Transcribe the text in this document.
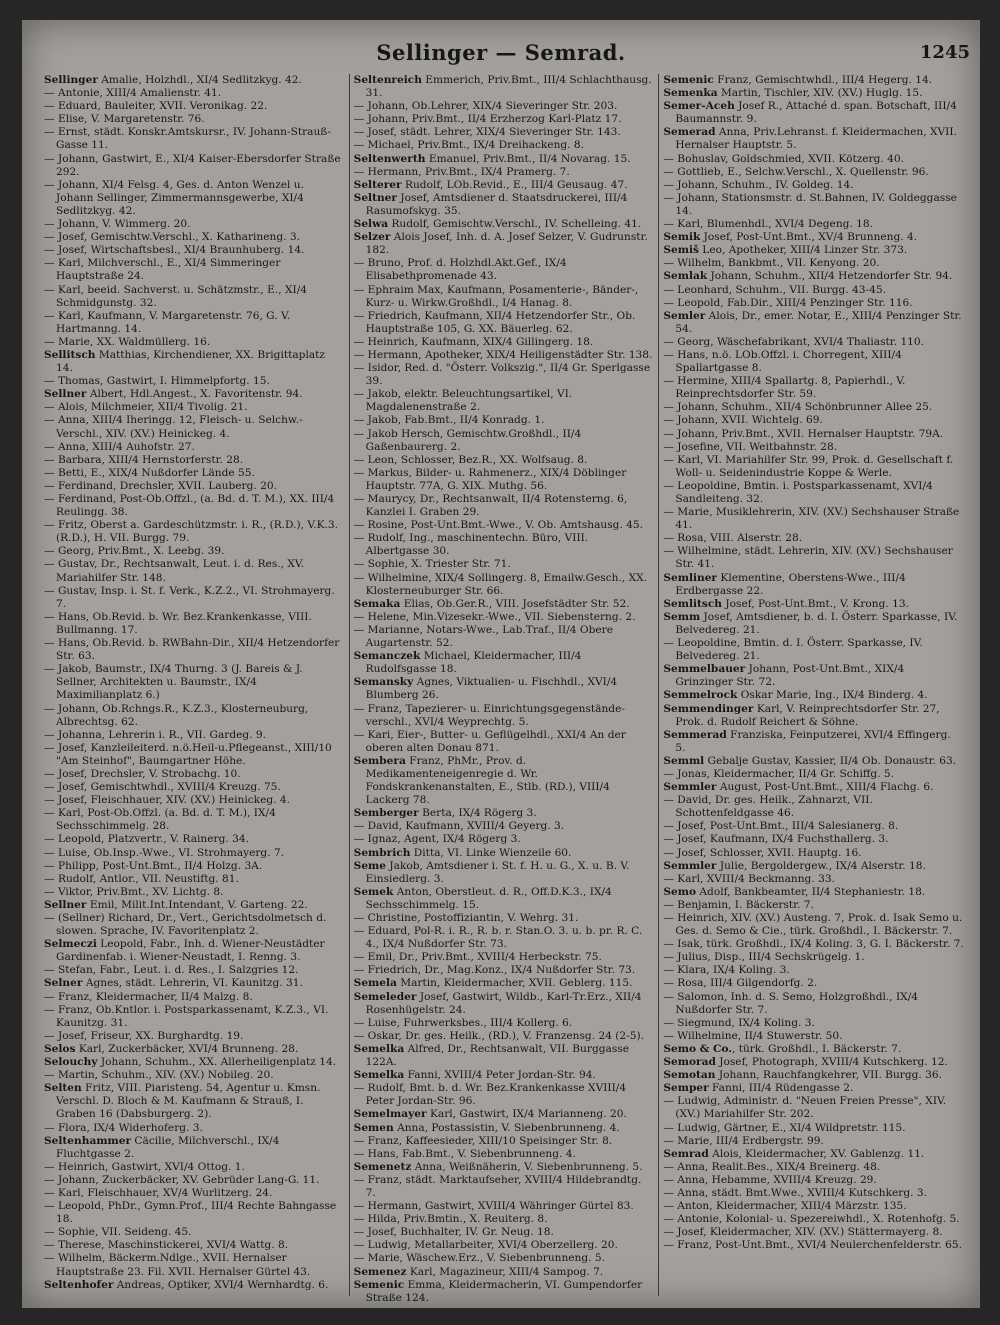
Sellinger — Semrad.	1245
Sellinger Amalie, Holzhdl., XI/4 Sedlitzkyg. 42.
— Antonie, XIII/4 Amalienstr. 41.
— Eduard, Bauleiter, XVII. Veronikag. 22.
— Elise, V. Margaretenstr. 76.
— Ernst, städt. Konskr.Amtskursr., IV. Johann-Strauß-Gasse 11.
— Johann, Gastwirt, E., XI/4 Kaiser-Ebersdorfer Straße 292.
— Johann, XI/4 Felsg. 4, Ges. d. Anton Wenzel u. Johann Sellinger, Zimmermannsgewerbe, XI/4 Sedlitzkyg. 42.
— Johann, V. Wimmerg. 20.
— Josef, Gemischtw.Verschl., X. Katharineng. 3.
— Josef, Wirtschaftsbesl., XI/4 Braunhuberg. 14.
— Karl, Milchverschl., E., XI/4 Simmeringer Hauptstraße 24.
— Karl, beeid. Sachverst. u. Schätzmstr., E., XI/4 Schmidgunstg. 32.
— Karl, Kaufmann, V. Margaretenstr. 76, G. V. Hartmanng. 14.
— Marie, XX. Waldmüllerg. 16.
Sellitsch Matthias, Kirchendiener, XX. Brigittaplatz 14.
— Thomas, Gastwirt, I. Himmelpfortg. 15.
Sellner Albert, Hdl.Angest., X. Favoritenstr. 94.
— Alois, Milchmeier, XII/4 Tivolig. 21.
— Anna, XIII/4 Iheringg. 12, Fleisch- u. Selchw.-Verschl., XIV. (XV.) Heinickeg. 4.
— Anna, XIII/4 Auhofstr. 27.
— Barbara, XIII/4 Hernstorferstr. 28.
— Betti, E., XIX/4 Nußdorfer Lände 55.
— Ferdinand, Drechsler, XVII. Lauberg. 20.
— Ferdinand, Post-Ob.Offzl., (a. Bd. d. T. M.), XX. III/4 Reulingg. 38.
— Fritz, Oberst a. Gardeschützmstr. i. R., (R.D.), V.K.3. (R.D.), H. VII. Burgg. 79.
— Georg, Priv.Bmt., X. Leebg. 39.
— Gustav, Dr., Rechtsanwalt, Leut. i. d. Res., XV. Mariahilfer Str. 148.
— Gustav, Insp. i. St. f. Verk., K.Z.2., VI. Strohmayerg. 7.
— Hans, Ob.Revid. b. Wr. Bez.Krankenkasse, VIII. Bullmanng. 17.
— Hans, Ob.Revid. b. RWBahn-Dir., XII/4 Hetzendorfer Str. 63.
— Jakob, Baumstr., IX/4 Thurng. 3 (J. Bareis & J. Sellner, Architekten u. Baumstr., IX/4 Maximilianplatz 6.)
— Johann, Ob.Rchngs.R., K.Z.3., Klosterneuburg, Albrechtsg. 62.
— Johanna, Lehrerin i. R., VII. Gardeg. 9.
— Josef, Kanzleileiterd. n.ö.Heil-u.Pflegeanst., XIII/10 "Am Steinhof", Baumgartner Höhe.
— Josef, Drechsler, V. Strobachg. 10.
— Josef, Gemischtwhdl., XVIII/4 Kreuzg. 75.
— Josef, Fleischhauer, XIV. (XV.) Heinickeg. 4.
— Karl, Post-Ob.Offzl. (a. Bd. d. T. M.), IX/4 Sechsschimmelg. 28.
— Leopold, Platzvertr., V. Rainerg. 34.
— Luise, Ob.Insp.-Wwe., VI. Strohmayerg. 7.
— Philipp, Post-Unt.Bmt., II/4 Holzg. 3A.
— Rudolf, Antlor., VII. Neustiftg. 81.
— Viktor, Priv.Bmt., XV. Lichtg. 8.
Sellner Emil, Milit.Int.Intendant, V. Garteng. 22.
— (Sellner) Richard, Dr., Vert., Gerichtsdolmetsch d. slowen. Sprache, IV. Favoritenplatz 2.
Selmeczi Leopold, Fabr., Inh. d. Wiener-Neustädter Gardinenfab. i. Wiener-Neustadt, I. Renng. 3.
— Stefan, Fabr., Leut. i. d. Res., I. Salzgries 12.
Selner Agnes, städt. Lehrerin, VI. Kaunitzg. 31.
— Franz, Kleidermacher, II/4 Malzg. 8.
— Franz, Ob.Kntlor. i. Postsparkassenamt, K.Z.3., VI. Kaunitzg. 31.
— Josef, Friseur, XX. Burghardtg. 19.
Selos Karl, Zuckerbäcker, XVI/4 Brunneng. 28.
Selouchy Johann, Schuhm., XX. Allerheiligenplatz 14.
— Martin, Schuhm., XIV. (XV.) Nobileg. 20.
Selten Fritz, VIII. Piaristeng. 54, Agentur u. Kmsn. Verschl. D. Bloch & M. Kaufmann & Strauß, I. Graben 16 (Dabsburgerg. 2).
— Flora, IX/4 Widerhoferg. 3.
Seltenhammer Cäcilie, Milchverschl., IX/4 Fluchtgasse 2.
— Heinrich, Gastwirt, XVI/4 Ottog. 1.
— Johann, Zuckerbäcker, XV. Gebrüder Lang-G. 11.
— Karl, Fleischhauer, XV/4 Wurlitzerg. 24.
— Leopold, PhDr., Gymn.Prof., III/4 Rechte Bahngasse 18.
— Sophie, VII. Seideng. 45.
— Therese, Maschinstickerei, XVI/4 Wattg. 8.
— Wilhelm, Bäckerm.Ndlge., XVII. Hernalser Hauptstraße 23. Fil. XVII. Hernalser Gürtel 43.
Seltenhofer Andreas, Optiker, XVI/4 Wernhardtg. 6.
Seltenreich Emmerich, Priv.Bmt., III/4 Schlachthausg. 31.
— Johann, Ob.Lehrer, XIX/4 Sieveringer Str. 203.
— Johann, Priv.Bmt., II/4 Erzherzog Karl-Platz 17.
— Josef, städt. Lehrer, XIX/4 Sieveringer Str. 143.
— Michael, Priv.Bmt., IX/4 Dreihackeng. 8.
Seltenwerth Emanuel, Priv.Bmt., II/4 Novarag. 15.
— Hermann, Priv.Bmt., IX/4 Pramerg. 7.
Selterer Rudolf, LOb.Revid., E., III/4 Geusaug. 47.
Seltner Josef, Amtsdiener d. Staatsdruckerei, III/4 Rasumofskyg. 35.
Selwa Rudolf, Gemischtw.Verschl., IV. Schelleing. 41.
Selzer Alois Josef, Inh. d. A. Josef Selzer, V. Gudrunstr. 182.
— Bruno, Prof. d. Holzhdl.Akt.Gef., IX/4 Elisabethpromenade 43.
— Ephraim Max, Kaufmann, Posamenterie-, Bänder-, Kurz- u. Wirkw.Großhdl., I/4 Hanag. 8.
— Friedrich, Kaufmann, XII/4 Hetzendorfer Str., Ob. Hauptstraße 105, G. XX. Bäuerleg. 62.
— Heinrich, Kaufmann, XIX/4 Gillingerg. 18.
— Hermann, Apotheker, XIX/4 Heiligenstädter Str. 138.
— Isidor, Red. d. "Österr. Volkszig.", II/4 Gr. Sperlgasse 39.
— Jakob, elektr. Beleuchtungsartikel, VI. Magdalenenstraße 2.
— Jakob, Fab.Bmt., II/4 Konradg. 1.
— Jakob Hersch, Gemischtw.Großhdl., II/4 Gaßenbaurerg. 2.
— Leon, Schlosser, Bez.R., XX. Wolfsaug. 8.
— Markus, Bilder- u. Rahmenerz., XIX/4 Döblinger Hauptstr. 77A, G. XIX. Muthg. 56.
— Maurycy, Dr., Rechtsanwalt, II/4 Rotensterng. 6, Kanzlei I. Graben 29.
— Rosine, Post-Unt.Bmt.-Wwe., V. Ob. Amtshausg. 45.
— Rudolf, Ing., maschinentechn. Büro, VIII. Albertgasse 30.
— Sophie, X. Triester Str. 71.
— Wilhelmine, XIX/4 Sollingerg. 8, Emailw.Gesch., XX. Klosterneuburger Str. 66.
Semaka Elias, Ob.Ger.R., VIII. Josefstädter Str. 52.
— Helene, Min.Vizesekr.-Wwe., VII. Siebensterng. 2.
— Marianne, Notars-Wwe., Lab.Traf., II/4 Obere Augartenstr. 52.
Semanczek Michael, Kleidermacher, III/4 Rudolfsgasse 18.
Semansky Agnes, Viktualien- u. Fischhdl., XVI/4 Blumberg 26.
— Franz, Tapezierer- u. Einrichtungsgegenstände-verschl., XVI/4 Weyprechtg. 5.
— Kari, Eier-, Butter- u. Geflügelhdl., XXI/4 An der oberen alten Donau 871.
Sembera Franz, PhMr., Prov. d. Medikamenteneigenregie d. Wr. Fondskrankenanstalten, E., Stlb. (RD.), VIII/4 Lackerg 78.
Semberger Berta, IX/4 Rögerg 3.
— David, Kaufmann, XVIII/4 Geyerg. 3.
— Ignaz, Agent, IX/4 Rögerg 3.
Sembrich Ditta, VI. Linke Wienzeile 60.
Seme Jakob, Amtsdiener i. St. f. H. u. G., X. u. B. V. Einsiedlerg. 3.
Semek Anton, Oberstleut. d. R., Off.D.K.3., IX/4 Sechsschimmelg. 15.
— Christine, Postoffiziantin, V. Wehrg. 31.
— Eduard, Pol-R. i. R., R. b. r. Stan.O. 3. u. b. pr. R. C. 4., IX/4 Nußdorfer Str. 73.
— Emil, Dr., Priv.Bmt., XVIII/4 Herbeckstr. 75.
— Friedrich, Dr., Mag.Konz., IX/4 Nußdorfer Str. 73.
Semela Martin, Kleidermacher, XVII. Geblerg. 115.
Semeleder Josef, Gastwirt, Wildb., Karl-Tr.Erz., XII/4 Rosenhügelstr. 24.
— Luise, Fuhrwerksbes., III/4 Kollerg. 6.
— Oskar, Dr. ges. Heilk., (RD.), V. Franzensg. 24 (2-5).
Semelka Alfred, Dr., Rechtsanwalt, VII. Burggasse 122A.
Semelka Fanni, XVIII/4 Peter Jordan-Str. 94.
— Rudolf, Bmt. b. d. Wr. Bez.Krankenkasse XVIII/4 Peter Jordan-Str. 96.
Semelmayer Karl, Gastwirt, IX/4 Marianneng. 20.
Semen Anna, Postassistin, V. Siebenbrunneng. 4.
— Franz, Kaffeesieder, XIII/10 Speisinger Str. 8.
— Hans, Fab.Bmt., V. Siebenbrunneng. 4.
Semenetz Anna, Weißnäherin, V. Siebenbrunneng. 5.
— Franz, städt. Marktaufseher, XVIII/4 Hildebrandtg. 7.
— Hermann, Gastwirt, XVIII/4 Währinger Gürtel 83.
— Hilda, Priv.Bmtin., X. Reuiterg. 8.
— Josef, Buchhalter, IV. Gr. Neug. 18.
— Ludwig, Metallarbeiter, XVI/4 Oberzellerg. 20.
— Marie, Wäschew.Erz., V. Siebenbrunneng. 5.
Semenez Karl, Magazineur, XIII/4 Sampog. 7.
Semenic Emma, Kleidermacherin, VI. Gumpendorfer Straße 124.
Semenic Franz, Gemischtwhdl., III/4 Hegerg. 14.
Semenka Martin, Tischler, XIV. (XV.) Huglg. 15.
Semer-Aceh Josef R., Attaché d. span. Botschaft, III/4 Baumannstr. 9.
Semerad Anna, Priv.Lehranst. f. Kleidermachen, XVII. Hernalser Hauptstr. 5.
— Bohuslav, Goldschmied, XVII. Kötzerg. 40.
— Gottlieb, E., Selchw.Verschl., X. Quellenstr. 96.
— Johann, Schuhm., IV. Goldeg. 14.
— Johann, Stationsmstr. d. St.Bahnen, IV. Goldeggasse 14.
— Karl, Blumenhdl., XVI/4 Degeng. 18.
Semik Josef, Post-Unt.Bmt., XV/4 Brunneng. 4.
Semiš Leo, Apotheker, XIII/4 Linzer Str. 373.
— Wilhelm, Bankbmt., VII. Kenyong. 20.
Semlak Johann, Schuhm., XII/4 Hetzendorfer Str. 94.
— Leonhard, Schuhm., VII. Burgg. 43-45.
— Leopold, Fab.Dir., XIII/4 Penzinger Str. 116.
Semler Alois, Dr., emer. Notar, E., XIII/4 Penzinger Str. 54.
— Georg, Wäschefabrikant, XVI/4 Thaliastr. 110.
— Hans, n.ö. LOb.Offzl. i. Chorregent, XIII/4 Spallartgasse 8.
— Hermine, XIII/4 Spallartg. 8, Papierhdl., V. Reinprechtsdorfer Str. 59.
— Johann, Schuhm., XII/4 Schönbrunner Allee 25.
— Johann, XVII. Wichtelg. 69.
— Johann, Priv.Bmt., XVII. Hernalser Hauptstr. 79A.
— Josefine, VII. Weitbahnstr. 28.
— Karl, VI. Mariahilfer Str. 99, Prok. d. Gesellschaft f. Woll- u. Seidenindustrie Koppe & Werle.
— Leopoldine, Bmtin. i. Postsparkassenamt, XVI/4 Sandleiteng. 32.
— Marie, Musiklehrerin, XIV. (XV.) Sechshauser Straße 41.
— Rosa, VIII. Alserstr. 28.
— Wilhelmine, städt. Lehrerin, XIV. (XV.) Sechshauser Str. 41.
Semliner Klementine, Oberstens-Wwe., III/4 Erdbergasse 22.
Semlitsch Josef, Post-Unt.Bmt., V. Krong. 13.
Semm Josef, Amtsdiener, b. d. I. Österr. Sparkasse, IV. Belvedereg. 21.
— Leopoldine, Bmtin. d. I. Österr. Sparkasse, IV. Belvedereg. 21.
Semmelbauer Johann, Post-Unt.Bmt., XIX/4 Grinzinger Str. 72.
Semmelrock Oskar Marie, Ing., IX/4 Binderg. 4.
Semmendinger Karl, V. Reinprechtsdorfer Str. 27, Prok. d. Rudolf Reichert & Söhne.
Semmerad Franziska, Feinputzerei, XVI/4 Effingerg. 5.
Semml Gebalje Gustav, Kassier, II/4 Ob. Donaustr. 63.
— Jonas, Kleidermacher, II/4 Gr. Schiffg. 5.
Semmler August, Post-Unt.Bmt., XIII/4 Flachg. 6.
— David, Dr. ges. Heilk., Zahnarzt, VII. Schottenfeldgasse 46.
— Josef, Post-Unt.Bmt., III/4 Salesianerg. 8.
— Josef, Kaufmann, IX/4 Fuchsthallerg. 3.
— Josef, Schlosser, XVII. Hauptg. 16.
Semmler Julie, Bergoldergew., IX/4 Alserstr. 18.
— Karl, XVIII/4 Beckmanng. 33.
Semo Adolf, Bankbeamter, II/4 Stephaniestr. 18.
— Benjamin, I. Bäckerstr. 7.
— Heinrich, XIV. (XV.) Austeng. 7, Prok. d. Isak Semo u. Ges. d. Semo & Cie., türk. Großhdl., I. Bäckerstr. 7.
— Isak, türk. Großhdl., IX/4 Koling. 3, G. I. Bäckerstr. 7.
— Julius, Disp., III/4 Sechskrügelg. 1.
— Klara, IX/4 Koling. 3.
— Rosa, III/4 Gilgendorfg. 2.
— Salomon, Inh. d. S. Semo, Holzgroßhdl., IX/4 Nußdorfer Str. 7.
— Siegmund, IX/4 Koling. 3.
— Wilhelmine, II/4 Stuwerstr. 50.
Semo & Co., türk. Großhdl., I. Bäckerstr. 7.
Semorad Josef, Photograph, XVIII/4 Kutschkerg. 12.
Semotan Johann, Rauchfangkehrer, VII. Burgg. 36.
Semper Fanni, III/4 Rüdengasse 2.
— Ludwig, Administr. d. "Neuen Freien Presse", XIV. (XV.) Mariahilfer Str. 202.
— Ludwig, Gärtner, E., XI/4 Wildpretstr. 115.
— Marie, III/4 Erdbergstr. 99.
Semrad Alois, Kleidermacher, XV. Gablenzg. 11.
— Anna, Realit.Bes., XIX/4 Breinerg. 48.
— Anna, Hebamme, XVIII/4 Kreuzg. 29.
— Anna, städt. Bmt.Wwe., XVIII/4 Kutschkerg. 3.
— Anton, Kleidermacher, XIII/4 Märzstr. 135.
— Antonie, Kolonial- u. Spezereiwhdl., X. Rotenhofg. 5.
— Josef, Kleidermacher, XIV. (XV.) Stättermayerg. 8.
— Franz, Post-Unt.Bmt., XVI/4 Neulerchenfelderstr. 65.
